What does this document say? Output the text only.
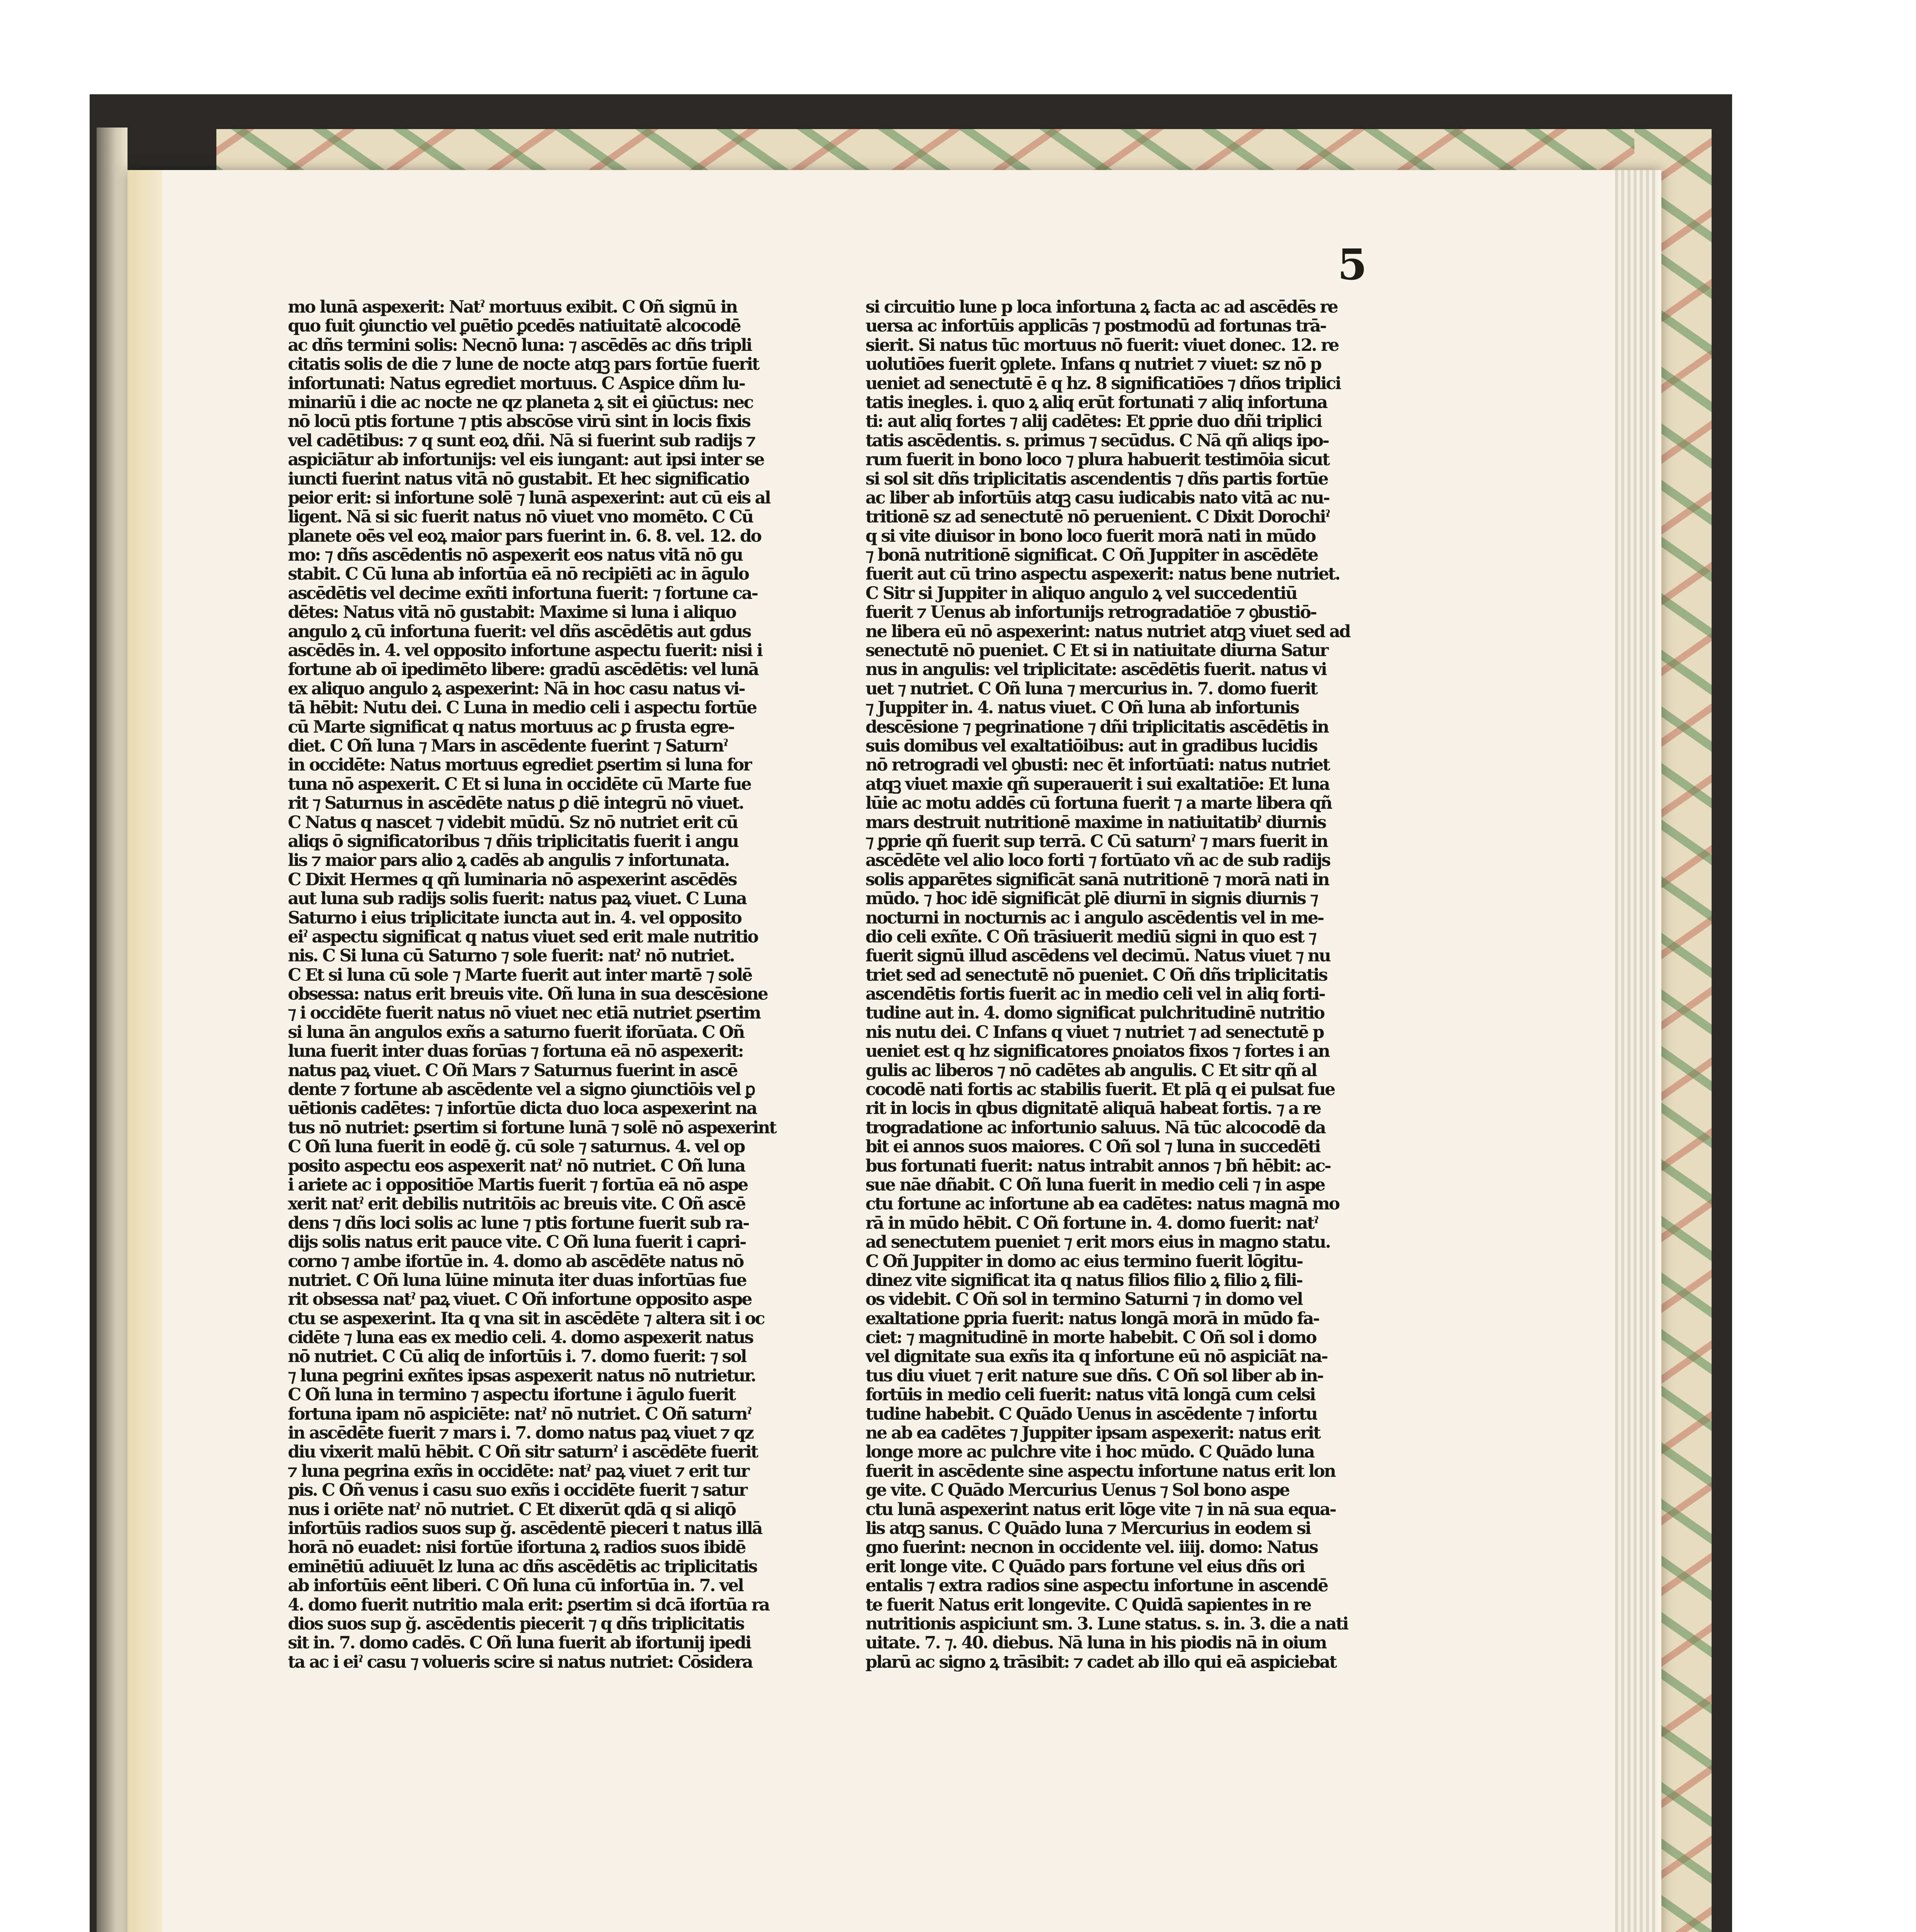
5
mo lunā aspexerit: Natˀ mortuus exibit. C Oñ signū in
quo fuit ꝯiunctio vel ꝑuētio ꝑcedēs natiuitatē alcocodē
ac dñs termini solis: Necnō luna: ⁊ ascēdēs ac dñs tripli
citatis solis de die ⁊ lune de nocte atqꝫ pars fortūe fuerit
infortunati: Natus egrediet mortuus. C Aspice dñm lu-
minariū i die ac nocte ne qz planeta ꝝ sit ei ꝯiūctus: nec
nō locū ptis fortune ⁊ ptis abscōse virū sint in locis fixis
vel cadētibus: ⁊ q sunt eoꝝ dñi. Nā si fuerint sub radijs ⁊
aspiciātur ab infortunijs: vel eis iungant: aut ipsi inter se
iuncti fuerint natus vitā nō gustabit. Et hec significatio
peior erit: si infortune solē ⁊ lunā aspexerint: aut cū eis al
ligent. Nā si sic fuerit natus nō viuet vno momēto. C Cū
planete oēs vel eoꝝ maior pars fuerint in. 6. 8. vel. 12. do
mo: ⁊ dñs ascēdentis nō aspexerit eos natus vitā nō gu
stabit. C Cū luna ab infortūa eā nō recipiēti ac in āgulo
ascēdētis vel decime exñti infortuna fuerit: ⁊ fortune ca-
dētes: Natus vitā nō gustabit: Maxime si luna i aliquo
angulo ꝝ cū infortuna fuerit: vel dñs ascēdētis aut gdus
ascēdēs in. 4. vel opposito infortune aspectu fuerit: nisi i
fortune ab oī ipedimēto libere: gradū ascēdētis: vel lunā
ex aliquo angulo ꝝ aspexerint: Nā in hoc casu natus vi-
tā hēbit: Nutu dei. C Luna in medio celi i aspectu fortūe
cū Marte significat q natus mortuus ac ꝑ frusta egre-
diet. C Oñ luna ⁊ Mars in ascēdente fuerint ⁊ Saturnˀ
in occidēte: Natus mortuus egrediet ꝑsertim si luna for
tuna nō aspexerit. C Et si luna in occidēte cū Marte fue
rit ⁊ Saturnus in ascēdēte natus ꝑ diē integrū nō viuet.
C Natus q nascet ⁊ videbit mūdū. Sz nō nutriet erit cū
aliqs ō significatoribus ⁊ dñis triplicitatis fuerit i angu
lis ⁊ maior pars alio ꝝ cadēs ab angulis ⁊ infortunata.
C Dixit Hermes q qñ luminaria nō aspexerint ascēdēs
aut luna sub radijs solis fuerit: natus paꝝ viuet. C Luna
Saturno i eius triplicitate iuncta aut in. 4. vel opposito
eiˀ aspectu significat q natus viuet sed erit male nutritio
nis. C Si luna cū Saturno ⁊ sole fuerit: natˀ nō nutriet.
C Et si luna cū sole ⁊ Marte fuerit aut inter martē ⁊ solē
obsessa: natus erit breuis vite. Oñ luna in sua descēsione
⁊ i occidēte fuerit natus nō viuet nec etiā nutriet ꝑsertim
si luna ān angulos exñs a saturno fuerit iforūata. C Oñ
luna fuerit inter duas forūas ⁊ fortuna eā nō aspexerit:
natus paꝝ viuet. C Oñ Mars ⁊ Saturnus fuerint in ascē
dente ⁊ fortune ab ascēdente vel a signo ꝯiunctiōis vel ꝑ
uētionis cadētes: ⁊ infortūe dicta duo loca aspexerint na
tus nō nutriet: ꝑsertim si fortune lunā ⁊ solē nō aspexerint
C Oñ luna fuerit in eodē ğ. cū sole ⁊ saturnus. 4. vel op
posito aspectu eos aspexerit natˀ nō nutriet. C Oñ luna
i ariete ac i oppositiōe Martis fuerit ⁊ fortūa eā nō aspe
xerit natˀ erit debilis nutritōis ac breuis vite. C Oñ ascē
dens ⁊ dñs loci solis ac lune ⁊ ptis fortune fuerit sub ra-
dijs solis natus erit pauce vite. C Oñ luna fuerit i capri-
corno ⁊ ambe ifortūe in. 4. domo ab ascēdēte natus nō
nutriet. C Oñ luna lūine minuta iter duas infortūas fue
rit obsessa natˀ paꝝ viuet. C Oñ infortune opposito aspe
ctu se aspexerint. Ita q vna sit in ascēdēte ⁊ altera sit i oc
cidēte ⁊ luna eas ex medio celi. 4. domo aspexerit natus
nō nutriet. C Cū aliq de infortūis i. 7. domo fuerit: ⁊ sol
⁊ luna pegrini exñtes ipsas aspexerit natus nō nutrietur.
C Oñ luna in termino ⁊ aspectu ifortune i āgulo fuerit
fortuna ipam nō aspiciēte: natˀ nō nutriet. C Oñ saturnˀ
in ascēdēte fuerit ⁊ mars i. 7. domo natus paꝝ viuet ⁊ qz
diu vixerit malū hēbit. C Oñ sitr saturnˀ i ascēdēte fuerit
⁊ luna pegrina exñs in occidēte: natˀ paꝝ viuet ⁊ erit tur
pis. C Oñ venus i casu suo exñs i occidēte fuerit ⁊ satur
nus i oriēte natˀ nō nutriet. C Et dixerūt qdā q si aliqō
infortūis radios suos sup ğ. ascēdentē pieceri t natus illā
horā nō euadet: nisi fortūe ifortuna ꝝ radios suos ibidē
eminētiū adiuuēt lz luna ac dñs ascēdētis ac triplicitatis
ab infortūis eēnt liberi. C Oñ luna cū infortūa in. 7. vel
4. domo fuerit nutritio mala erit: ꝑsertim si dcā ifortūa ra
dios suos sup ğ. ascēdentis piecerit ⁊ q dñs triplicitatis
sit in. 7. domo cadēs. C Oñ luna fuerit ab ifortunij ipedi
ta ac i eiˀ casu ⁊ volueris scire si natus nutriet: Cōsidera
si circuitio lune p loca infortuna ꝝ facta ac ad ascēdēs re
uersa ac infortūis applicās ⁊ postmodū ad fortunas trā-
sierit. Si natus tūc mortuus nō fuerit: viuet donec. 12. re
uolutiōes fuerit ꝯplete. Infans q nutriet ⁊ viuet: sz nō p
ueniet ad senectutē ē q hz. 8 significatiōes ⁊ dños triplici
tatis inegles. i. quo ꝝ aliq erūt fortunati ⁊ aliq infortuna
ti: aut aliq fortes ⁊ alij cadētes: Et ꝑprie duo dñi triplici
tatis ascēdentis. s. primus ⁊ secūdus. C Nā qñ aliqs ipo-
rum fuerit in bono loco ⁊ plura habuerit testimōia sicut
si sol sit dñs triplicitatis ascendentis ⁊ dñs partis fortūe
ac liber ab infortūis atqꝫ casu iudicabis nato vitā ac nu-
tritionē sz ad senectutē nō peruenient. C Dixit Dorochiˀ
q si vite diuisor in bono loco fuerit morā nati in mūdo
⁊ bonā nutritionē significat. C Oñ Juppiter in ascēdēte
fuerit aut cū trino aspectu aspexerit: natus bene nutriet.
C Sitr si Juppiter in aliquo angulo ꝝ vel succedentiū
fuerit ⁊ Uenus ab infortunijs retrogradatiōe ⁊ ꝯbustiō-
ne libera eū nō aspexerint: natus nutriet atqꝫ viuet sed ad
senectutē nō pueniet. C Et si in natiuitate diurna Satur
nus in angulis: vel triplicitate: ascēdētis fuerit. natus vi
uet ⁊ nutriet. C Oñ luna ⁊ mercurius in. 7. domo fuerit
⁊ Juppiter in. 4. natus viuet. C Oñ luna ab infortunis
descēsione ⁊ pegrinatione ⁊ dñi triplicitatis ascēdētis in
suis domibus vel exaltatiōibus: aut in gradibus lucidis
nō retrogradi vel ꝯbusti: nec ēt infortūati: natus nutriet
atqꝫ viuet maxie qñ superauerit i sui exaltatiōe: Et luna
lūie ac motu addēs cū fortuna fuerit ⁊ a marte libera qñ
mars destruit nutritionē maxime in natiuitatibˀ diurnis
⁊ ꝑprie qñ fuerit sup terrā. C Cū saturnˀ ⁊ mars fuerit in
ascēdēte vel alio loco forti ⁊ fortūato vñ ac de sub radijs
solis apparētes significāt sanā nutritionē ⁊ morā nati in
mūdo. ⁊ hoc idē significāt ꝑlē diurnī in signis diurnis ⁊
nocturni in nocturnis ac i angulo ascēdentis vel in me-
dio celi exñte. C Oñ trāsiuerit mediū signi in quo est ⁊
fuerit signū illud ascēdens vel decimū. Natus viuet ⁊ nu
triet sed ad senectutē nō pueniet. C Oñ dñs triplicitatis
ascendētis fortis fuerit ac in medio celi vel in aliq forti-
tudine aut in. 4. domo significat pulchritudinē nutritio
nis nutu dei. C Infans q viuet ⁊ nutriet ⁊ ad senectutē p
ueniet est q hz significatores ꝑnoiatos fixos ⁊ fortes i an
gulis ac liberos ⁊ nō cadētes ab angulis. C Et sitr qñ al
cocodē nati fortis ac stabilis fuerit. Et plā q ei pulsat fue
rit in locis in qbus dignitatē aliquā habeat fortis. ⁊ a re
trogradatione ac infortunio saluus. Nā tūc alcocodē da
bit ei annos suos maiores. C Oñ sol ⁊ luna in succedēti
bus fortunati fuerit: natus intrabit annos ⁊ bñ hēbit: ac-
sue nāe dñabit. C Oñ luna fuerit in medio celi ⁊ in aspe
ctu fortune ac infortune ab ea cadētes: natus magnā mo
rā in mūdo hēbit. C Oñ fortune in. 4. domo fuerit: natˀ
ad senectutem pueniet ⁊ erit mors eius in magno statu.
C Oñ Juppiter in domo ac eius termino fuerit lōgitu-
dinez vite significat ita q natus filios filio ꝝ filio ꝝ fili-
os videbit. C Oñ sol in termino Saturni ⁊ in domo vel
exaltatione ꝑpria fuerit: natus longā morā in mūdo fa-
ciet: ⁊ magnitudinē in morte habebit. C Oñ sol i domo
vel dignitate sua exñs ita q infortune eū nō aspiciāt na-
tus diu viuet ⁊ erit nature sue dñs. C Oñ sol liber ab in-
fortūis in medio celi fuerit: natus vitā longā cum celsi
tudine habebit. C Quādo Uenus in ascēdente ⁊ infortu
ne ab ea cadētes ⁊ Juppiter ipsam aspexerit: natus erit
longe more ac pulchre vite i hoc mūdo. C Quādo luna
fuerit in ascēdente sine aspectu infortune natus erit lon
ge vite. C Quādo Mercurius Uenus ⁊ Sol bono aspe
ctu lunā aspexerint natus erit lōge vite ⁊ in nā sua equa-
lis atqꝫ sanus. C Quādo luna ⁊ Mercurius in eodem si
gno fuerint: necnon in occidente vel. iiij. domo: Natus
erit longe vite. C Quādo pars fortune vel eius dñs ori
entalis ⁊ extra radios sine aspectu infortune in ascendē
te fuerit Natus erit longevite. C Quidā sapientes in re
nutritionis aspiciunt sm. 3. Lune status. s. in. 3. die a nati
uitate. 7. ⁊. 40. diebus. Nā luna in his piodis nā in oium
plarū ac signo ꝝ trāsibit: ⁊ cadet ab illo qui eā aspiciebat
